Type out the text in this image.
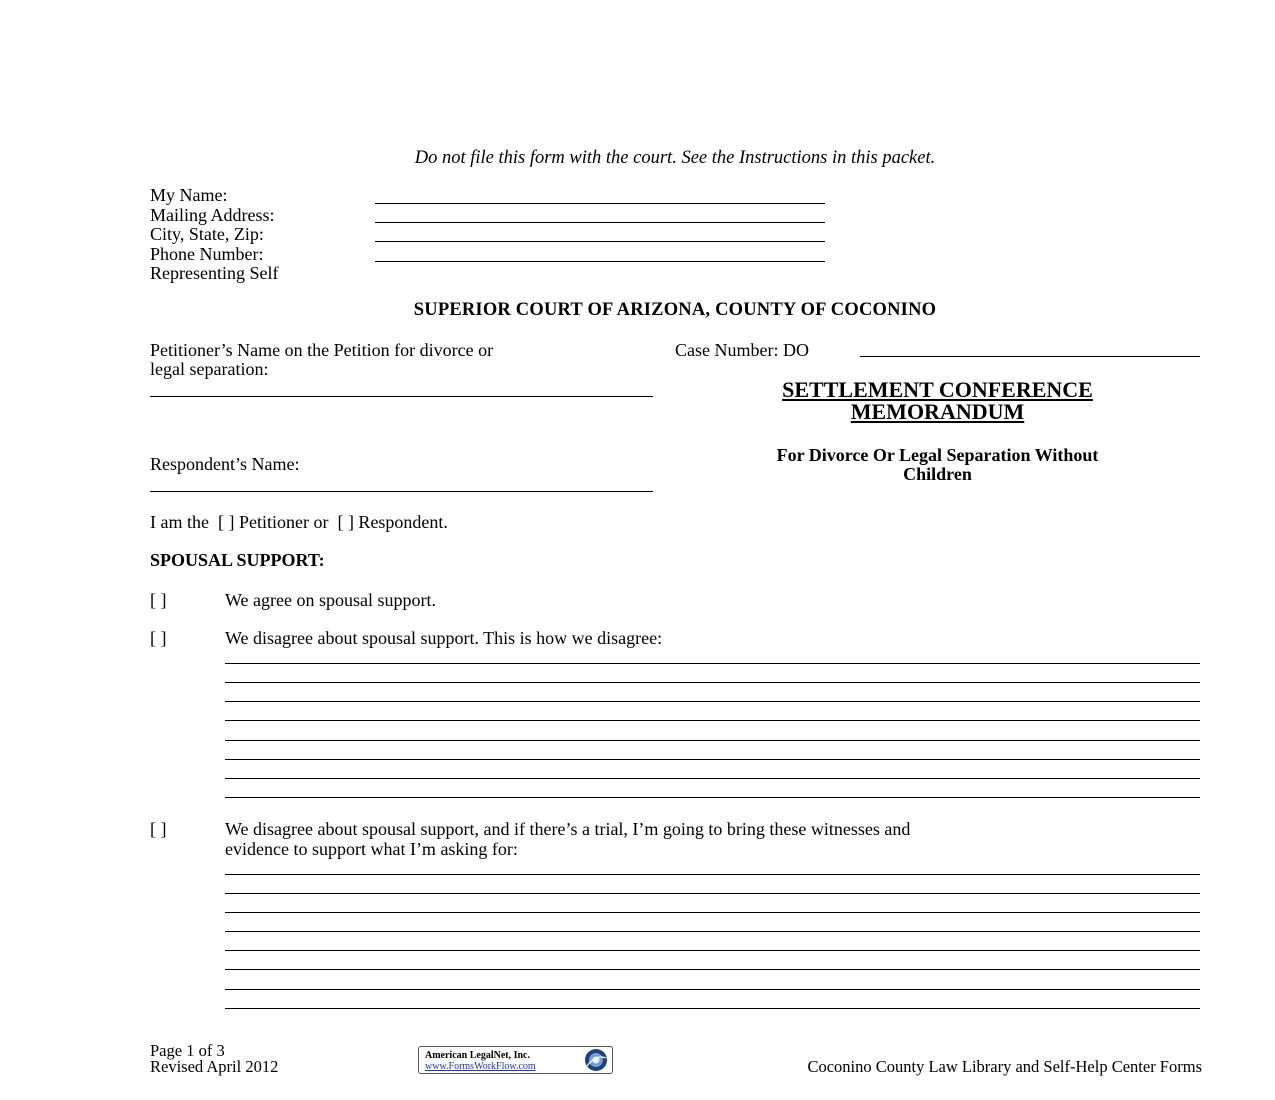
Do not file this form with the court. See the Instructions in this packet.
My Name:
Mailing Address:
City, State, Zip:
Phone Number:
Representing Self
SUPERIOR COURT OF ARIZONA, COUNTY OF COCONINO
Petitioner’s Name on the Petition for divorce or
legal separation:
Case Number: DO
SETTLEMENT CONFERENCE
MEMORANDUM
For Divorce Or Legal Separation Without
Children
Respondent’s Name:
I am the  [ ] Petitioner or  [ ] Respondent.
SPOUSAL SUPPORT:
[ ]	We agree on spousal support.
[ ]	We disagree about spousal support. This is how we disagree:
[ ]	We disagree about spousal support, and if there’s a trial, I’m going to bring these witnesses and
evidence to support what I’m asking for:
Page 1 of 3
Revised April 2012
American LegalNet, Inc.
www.FormsWorkFlow.com	Coconino County Law Library and Self-Help Center Forms
